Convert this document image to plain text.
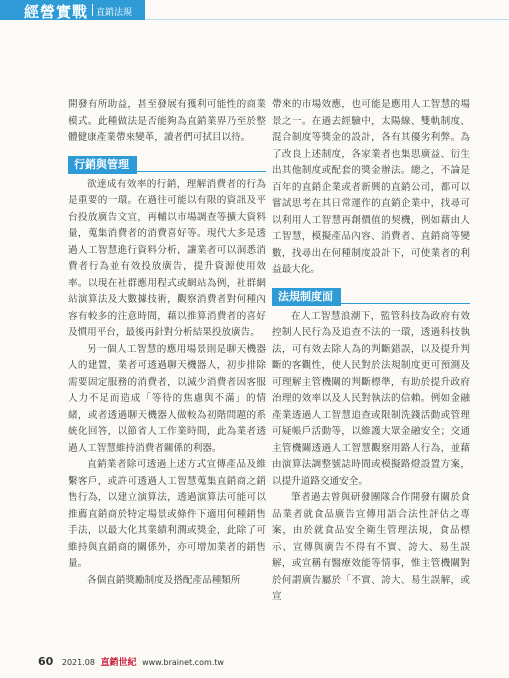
經營實戰 直銷法規

開發有所助益，甚至發展有獲利可能性的商業模式。此種做法是否能夠為直銷業界乃至於整體健康產業帶來變革，讀者們可拭目以待。

行銷與管理

欲達成有效率的行銷，理解消費者的行為是重要的一環。在過往可能以有限的資訊及平台投放廣告文宣，再輔以市場調查等擴大資料量，蒐集消費者的消費喜好等。現代大多是透過人工智慧進行資料分析，讓業者可以洞悉消費者行為並有效投放廣告，提升資源使用效率。以現在社群應用程式或網站為例，社群網站演算法及大數據技術，觀察消費者對何種內容有較多的注意時間，藉以推算消費者的喜好及慣用平台，最後再針對分析結果投放廣告。

另一個人工智慧的應用場景則是聊天機器人的建置，業者可透過聊天機器人，初步排除需要固定服務的消費者，以減少消費者因客服人力不足而造成「等待的焦慮與不滿」的情緒，或者透過聊天機器人做較為初階問題的系統化回答，以節省人工作業時間，此為業者透過人工智慧維持消費者關係的利器。

直銷業者除可透過上述方式宣傳產品及維繫客戶，或許可透過人工智慧蒐集直銷商之銷售行為，以建立演算法，透過演算法可能可以推薦直銷商於特定場景或條件下適用何種銷售手法，以最大化其業績利潤或獎金，此除了可維持與直銷商的關係外，亦可增加業者的銷售量。

各個直銷獎勵制度及搭配產品種類所

帶來的市場效應，也可能是應用人工智慧的場景之一。在過去經驗中，太陽線、雙軌制度、混合制度等獎金的設計，各有其優劣利弊。為了改良上述制度，各家業者也集思廣益、衍生出其他制度或配套的獎金辦法。總之，不論是百年的直銷企業或者新興的直銷公司，都可以嘗試思考在其日常運作的直銷企業中，找尋可以利用人工智慧再創價值的契機，例如藉由人工智慧，模擬產品內容、消費者、直銷商等變數，找尋出在何種制度設計下，可使業者的利益最大化。

法規制度面

在人工智慧浪潮下，監管科技為政府有效控制人民行為及追查不法的一環，透過科技執法，可有效去除人為的判斷錯誤，以及提升判斷的客觀性，使人民對於法規制度更可預測及可理解主管機關的判斷標準，有助於提升政府治理的效率以及人民對執法的信賴。例如金融產業透過人工智慧追查或限制洗錢活動或管理可疑帳戶活動等，以維護大眾金融安全；交通主管機關透過人工智慧觀察用路人行為，並藉由演算法調整號誌時間或模擬路燈設置方案，以提升道路交通安全。

筆者過去曾與研發團隊合作開發有關於食品業者就食品廣告宣傳用語合法性評估之專案，由於就食品安全衛生管理法規，食品標示、宣傳與廣告不得有不實、誇大、易生誤解，或宣稱有醫療效能等情事，惟主管機關對於何謂廣告屬於「不實、誇大、易生誤解，或宣

60 2021.08 直銷世紀 www.brainet.com.tw
